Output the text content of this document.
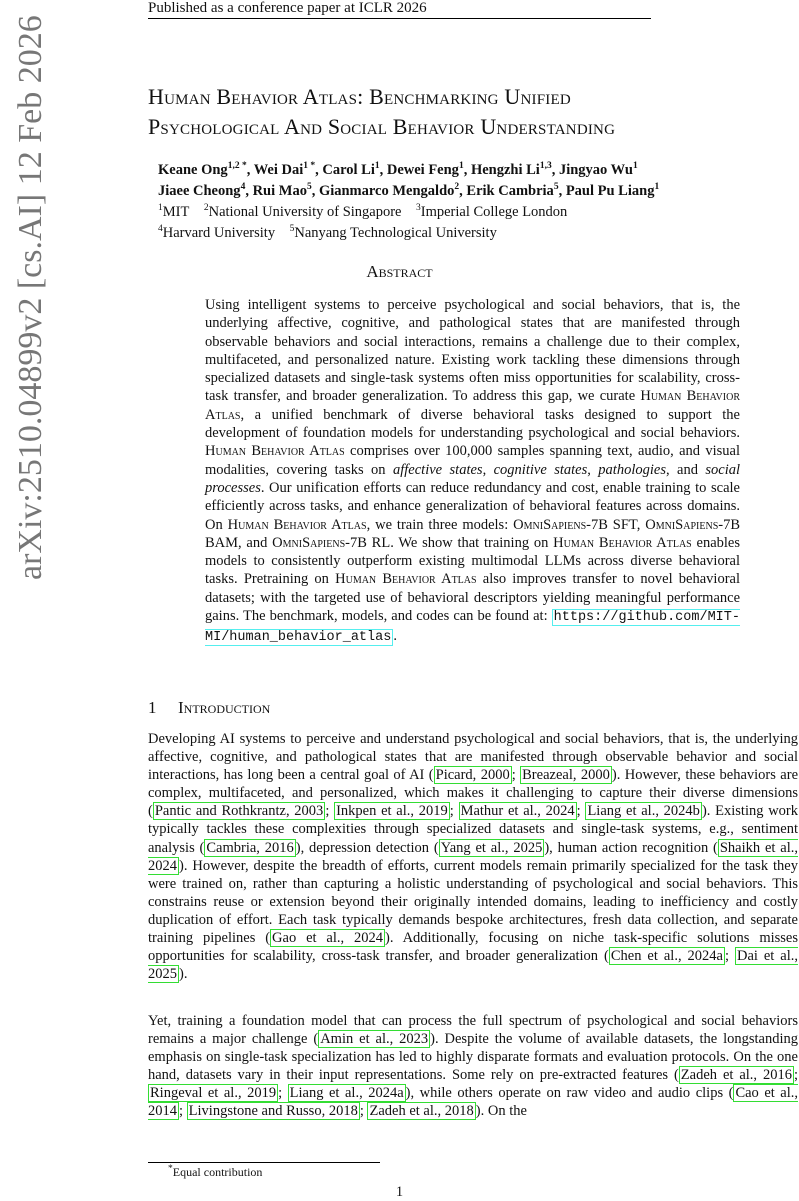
Published as a conference paper at ICLR 2026
arXiv:2510.04899v2 [cs.AI] 12 Feb 2026	Human Behavior Atlas: Benchmarking Unified
Psychological And Social Behavior Understanding
Keane Ong$^{1,2 *}$, Wei Dai$^{1 *}$, Carol Li$^1$, Dewei Feng$^1$, Hengzhi Li$^{1,3}$, Jingyao Wu$^1$
Jiaee Cheong$^4$, Rui Mao$^5$, Gianmarco Mengaldo$^2$, Erik Cambria$^5$, Paul Pu Liang$^1$
$^1$MIT $^2$National University of Singapore $^3$Imperial College London
$^4$Harvard University $^5$Nanyang Technological University
Abstract
Using intelligent systems to perceive psychological and social behaviors, that is, the underlying affective, cognitive, and pathological states that are manifested through observable behaviors and social interactions, remains a challenge due to their complex, multifaceted, and personalized nature. Existing work tackling these dimensions through specialized datasets and single-task systems often miss opportunities for scalability, cross-task transfer, and broader generalization. To address this gap, we curate Human Behavior Atlas, a unified benchmark of diverse behavioral tasks designed to support the development of foundation models for understanding psychological and social behaviors. Human Behavior Atlas comprises over 100,000 samples spanning text, audio, and visual modalities, covering tasks on affective states, cognitive states, pathologies, and social processes. Our unification efforts can reduce redundancy and cost, enable training to scale efficiently across tasks, and enhance generalization of behavioral features across domains. On Human Behavior Atlas, we train three models: OmniSapiens-7B SFT, OmniSapiens-7B BAM, and OmniSapiens-7B RL. We show that training on Human Behavior Atlas enables models to consistently outperform existing multimodal LLMs across diverse behavioral tasks. Pretraining on Human Behavior Atlas also improves transfer to novel behavioral datasets; with the targeted use of behavioral descriptors yielding meaningful performance gains. The benchmark, models, and codes can be found at: https://github.com/MIT-MI/human_behavior_atlas .
1 Introduction
Developing AI systems to perceive and understand psychological and social behaviors, that is, the underlying affective, cognitive, and pathological states that are manifested through observable behavior and social interactions, has long been a central goal of AI ( Picard, 2000 ; Breazeal, 2000 ). However, these behaviors are complex, multifaceted, and personalized, which makes it challenging to capture their diverse dimensions ( Pantic and Rothkrantz, 2003 ; Inkpen et al., 2019 ; Mathur et al., 2024 ; Liang et al., 2024b ). Existing work typically tackles these complexities through specialized datasets and single-task systems, e.g., sentiment analysis ( Cambria, 2016 ), depression detection ( Yang et al., 2025 ), human action recognition ( Shaikh et al., 2024 ). However, despite the breadth of efforts, current models remain primarily specialized for the task they were trained on, rather than capturing a holistic understanding of psychological and social behaviors. This constrains reuse or extension beyond their originally intended domains, leading to inefficiency and costly duplication of effort. Each task typically demands bespoke architectures, fresh data collection, and separate training pipelines ( Gao et al., 2024 ). Additionally, focusing on niche task-specific solutions misses opportunities for scalability, cross-task transfer, and broader generalization ( Chen et al., 2024a ; Dai et al., 2025 ).
Yet, training a foundation model that can process the full spectrum of psychological and social behaviors remains a major challenge ( Amin et al., 2023 ). Despite the volume of available datasets, the longstanding emphasis on single-task specialization has led to highly disparate formats and evaluation protocols. On the one hand, datasets vary in their input representations. Some rely on pre-extracted features ( Zadeh et al., 2016 ; Ringeval et al., 2019 ; Liang et al., 2024a ), while others operate on raw video and audio clips ( Cao et al., 2014 ; Livingstone and Russo, 2018 ; Zadeh et al., 2018 ). On the
*Equal contribution
1
